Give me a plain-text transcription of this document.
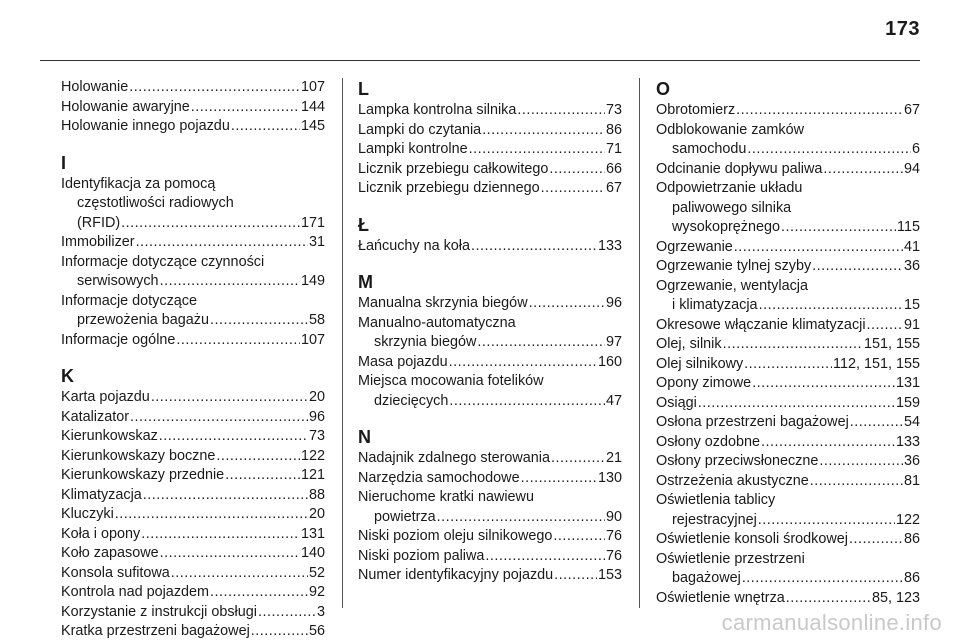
173
Holowanie .....	107
Holowanie awaryjne .....	144
Holowanie innego pojazdu .....	145
I
Identyfikacja za pomocą
częstotliwości radiowych
(RFID) .....	171
Immobilizer .....	31
Informacje dotyczące czynności
serwisowych .....	149
Informacje dotyczące
przewożenia bagażu .....	58
Informacje ogólne .....	107
K
Karta pojazdu .....	20
Katalizator .....	96
Kierunkowskaz .....	73
Kierunkowskazy boczne .....	122
Kierunkowskazy przednie .....	121
Klimatyzacja .....	88
Kluczyki .....	20
Koła i opony .....	131
Koło zapasowe .....	140
Konsola sufitowa .....	52
Kontrola nad pojazdem .....	92
Korzystanie z instrukcji obsługi .....	3
Kratka przestrzeni bagażowej .....	56
L
Lampka kontrolna silnika .....	73
Lampki do czytania .....	86
Lampki kontrolne .....	71
Licznik przebiegu całkowitego .....	66
Licznik przebiegu dziennego .....	67
Ł
Łańcuchy na koła .....	133
M
Manualna skrzynia biegów .....	96
Manualno-automatyczna
skrzynia biegów .....	97
Masa pojazdu .....	160
Miejsca mocowania fotelików
dziecięcych .....	47
N
Nadajnik zdalnego sterowania .....	21
Narzędzia samochodowe .....	130
Nieruchome kratki nawiewu
powietrza .....	90
Niski poziom oleju silnikowego .....	76
Niski poziom paliwa .....	76
Numer identyfikacyjny pojazdu .....	153
O
Obrotomierz .....	67
Odblokowanie zamków
samochodu .....	6
Odcinanie dopływu paliwa .....	94
Odpowietrzanie układu
paliwowego silnika
wysokoprężnego .....	115
Ogrzewanie .....	41
Ogrzewanie tylnej szyby .....	36
Ogrzewanie, wentylacja
i klimatyzacja .....	15
Okresowe włączanie klimatyzacji .....	91
Olej, silnik .....	151, 155
Olej silnikowy .....	112, 151, 155
Opony zimowe .....	131
Osiągi .....	159
Osłona przestrzeni bagażowej .....	54
Osłony ozdobne .....	133
Osłony przeciwsłoneczne .....	36
Ostrzeżenia akustyczne .....	81
Oświetlenia tablicy
rejestracyjnej .....	122
Oświetlenie konsoli środkowej .....	86
Oświetlenie przestrzeni
bagażowej .....	86
Oświetlenie wnętrza .....	85, 123
carmanualsonline.info
